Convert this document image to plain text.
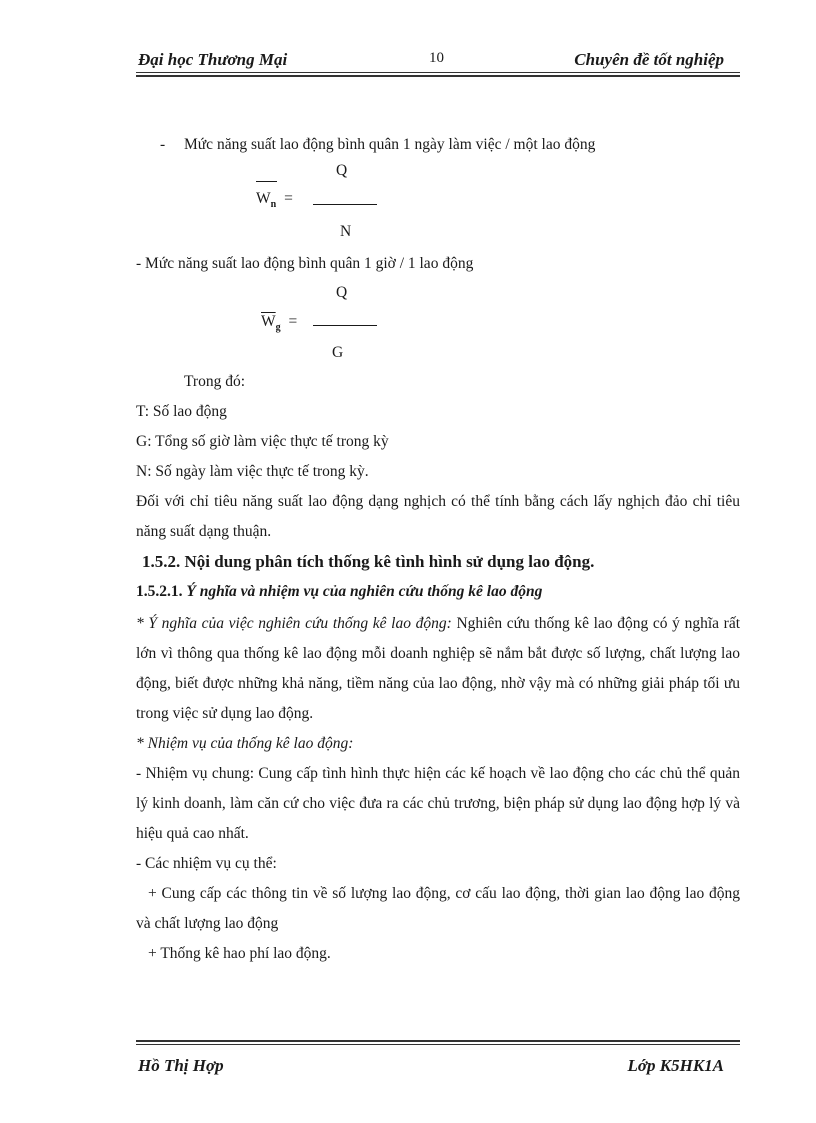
Đại học Thương Mại	10	Chuyên đề tốt nghiệp
- Mức năng suất lao động bình quân 1 ngày làm việc / một lao động
$W_n$ =
Q
N
- Mức năng suất lao động bình quân 1 giờ / 1 lao động
Q
$\overline{W}_g$ =
G
Trong đó:
T: Số lao động
G: Tổng số giờ làm việc thực tế trong kỳ
N: Số ngày làm việc thực tế trong kỳ.
Đối với chỉ tiêu năng suất lao động dạng nghịch có thể tính bằng cách lấy nghịch đảo chỉ tiêu năng suất dạng thuận.
1.5.2. Nội dung phân tích thống kê tình hình sử dụng lao động.
1.5.2.1. Ý nghĩa và nhiệm vụ của nghiên cứu thống kê lao động
* Ý nghĩa của việc nghiên cứu thống kê lao động: Nghiên cứu thống kê lao động có ý nghĩa rất lớn vì thông qua thống kê lao động mỗi doanh nghiệp sẽ nắm bắt được số lượng, chất lượng lao động, biết được những khả năng, tiềm năng của lao động, nhờ vậy mà có những giải pháp tối ưu trong việc sử dụng lao động.
* Nhiệm vụ của thống kê lao động:
- Nhiệm vụ chung: Cung cấp tình hình thực hiện các kế hoạch về lao động cho các chủ thể quản lý kinh doanh, làm căn cứ cho việc đưa ra các chủ trương, biện pháp sử dụng lao động hợp lý và hiệu quả cao nhất.
- Các nhiệm vụ cụ thể:
+ Cung cấp các thông tin về số lượng lao động, cơ cấu lao động, thời gian lao động lao động và chất lượng lao động
+ Thống kê hao phí lao động.
Hồ Thị Hợp	Lớp K5HK1A
